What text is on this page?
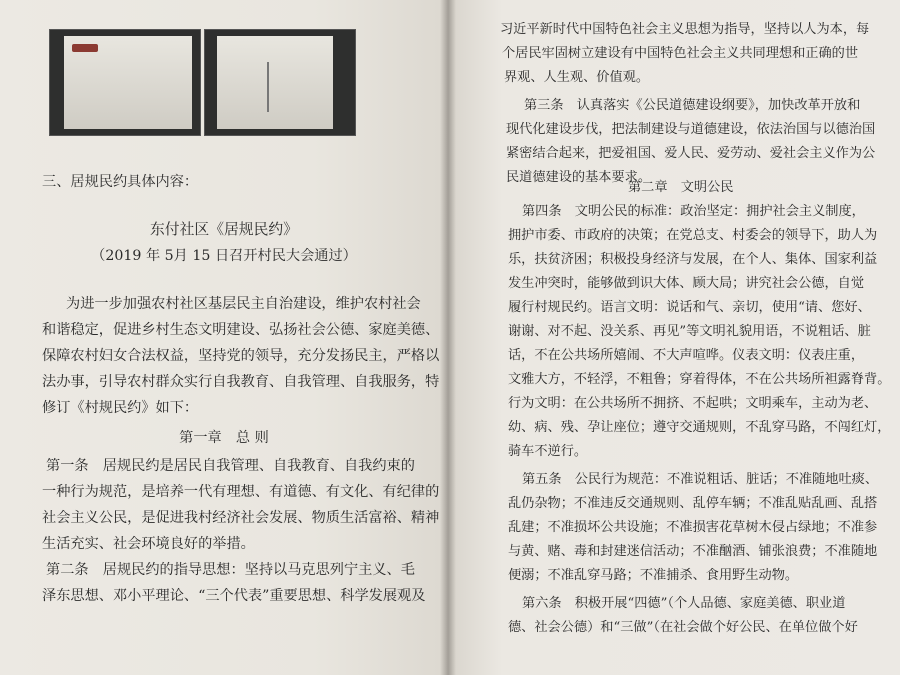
三、居规民约具体内容：
东付社区《居规民约》
（2019 年 5月 15 日召开村民大会通过）
为进一步加强农村社区基层民主自治建设，维护农村社会
和谐稳定，促进乡村生态文明建设、弘扬社会公德、家庭美德、
保障农村妇女合法权益，坚持党的领导，充分发扬民主，严格以
法办事，引导农村群众实行自我教育、自我管理、自我服务，特
修订《村规民约》如下：
第一章　总 则
第一条　居规民约是居民自我管理、自我教育、自我约束的
一种行为规范，是培养一代有理想、有道德、有文化、有纪律的
社会主义公民，是促进我村经济社会发展、物质生活富裕、精神
生活充实、社会环境良好的举措。
第二条　居规民约的指导思想：坚持以马克思列宁主义、毛
泽东思想、邓小平理论、“三个代表”重要思想、科学发展观及
习近平新时代中国特色社会主义思想为指导，坚持以人为本，每
个居民牢固树立建设有中国特色社会主义共同理想和正确的世
界观、人生观、价值观。
第三条　认真落实《公民道德建设纲要》，加快改革开放和
现代化建设步伐，把法制建设与道德建设，依法治国与以德治国
紧密结合起来，把爱祖国、爱人民、爱劳动、爱社会主义作为公
民道德建设的基本要求。
第二章　文明公民
第四条　文明公民的标准：政治坚定：拥护社会主义制度，
拥护市委、市政府的决策；在党总支、村委会的领导下，助人为
乐，扶贫济困；积极投身经济与发展，在个人、集体、国家利益
发生冲突时，能够做到识大体、顾大局；讲究社会公德，自觉
履行村规民约。语言文明：说话和气、亲切，使用“请、您好、
谢谢、对不起、没关系、再见”等文明礼貌用语，不说粗话、脏
话，不在公共场所嬉闹、不大声喧哗。仪表文明：仪表庄重，
文雅大方，不轻浮，不粗鲁；穿着得体，不在公共场所袒露脊背。
行为文明：在公共场所不拥挤、不起哄；文明乘车，主动为老、
幼、病、残、孕让座位；遵守交通规则，不乱穿马路，不闯红灯，
骑车不逆行。
第五条　公民行为规范：不准说粗话、脏话；不准随地吐痰、
乱仍杂物；不准违反交通规则、乱停车辆；不准乱贴乱画、乱搭
乱建；不准损坏公共设施；不准损害花草树木侵占绿地；不准参
与黄、赌、毒和封建迷信活动；不准酗酒、铺张浪费；不准随地
便溺；不准乱穿马路；不准捕杀、食用野生动物。
第六条　积极开展“四德”（个人品德、家庭美德、职业道
德、社会公德）和“三做”（在社会做个好公民、在单位做个好
